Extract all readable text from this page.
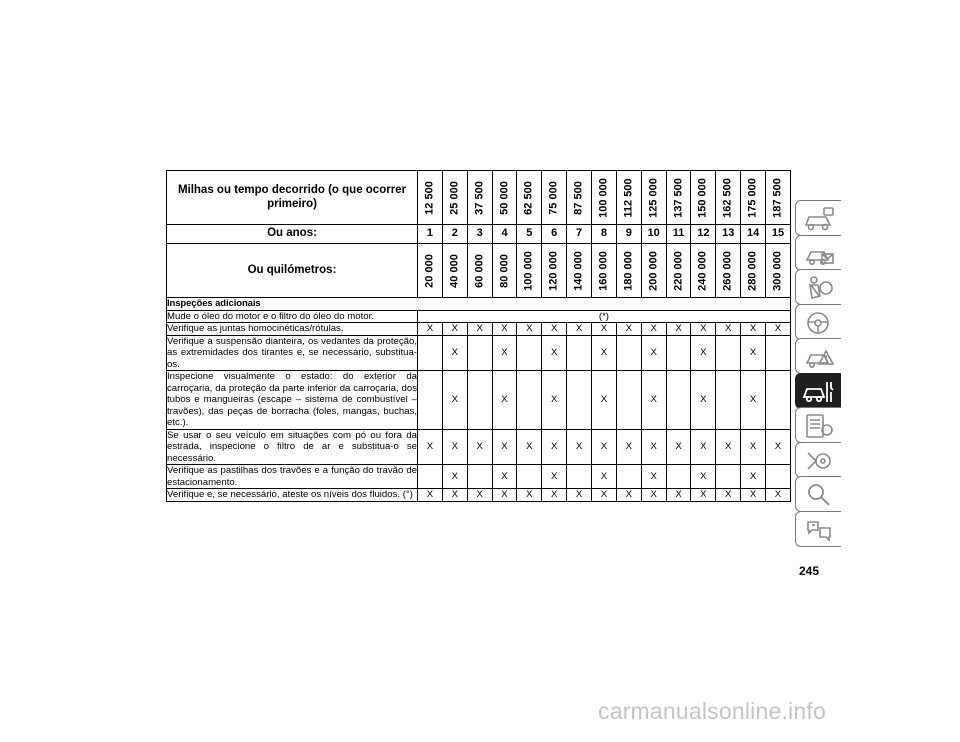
Milhas ou tempo decorrido (o que ocorrer primeiro)	12 500	25 000	37 500	50 000	62 500	75 000	87 500	100 000	112 500	125 000	137 500	150 000	162 500	175 000	187 500

Ou anos:	1	2	3	4	5	6	7	8	9	10	11	12	13	14	15
Ou quilómetros:	20 000	40 000	60 000	80 000	100 000	120 000	140 000	160 000	180 000	200 000	220 000	240 000	260 000	280 000	300 000

Inspeções adicionais															
Mude o óleo do motor e o filtro do óleo do motor.	(*)														
Verifique as juntas homocinéticas/rótulas.	X	X	X	X	X	X	X	X	X	X	X	X	X	X	X
Verifique a suspensão dianteira, os vedantes da proteção, as extremidades dos tirantes e, se necessário, substitua-os.		X		X		X		X		X		X		X	
Inspecione visualmente o estado: do exterior da carroçaria, da proteção da parte inferior da carroçaria, dos tubos e mangueiras (escape – sistema de combustível – travões), das peças de borracha (foles, mangas, buchas, etc.).		X		X		X		X		X		X		X	
Se usar o seu veículo em situações com pó ou fora da estrada, inspecione o filtro de ar e substitua-o se necessário.	X	X	X	X	X	X	X	X	X	X	X	X	X	X	X
Verifique as pastilhas dos travões e a função do travão de estacionamento.		X		X		X		X		X		X		X	
Verifique e, se necessário, ateste os níveis dos fluidos. (°)	X	X	X	X	X	X	X	X	X	X	X	X	X	X	X
245
carmanualsonline.info
